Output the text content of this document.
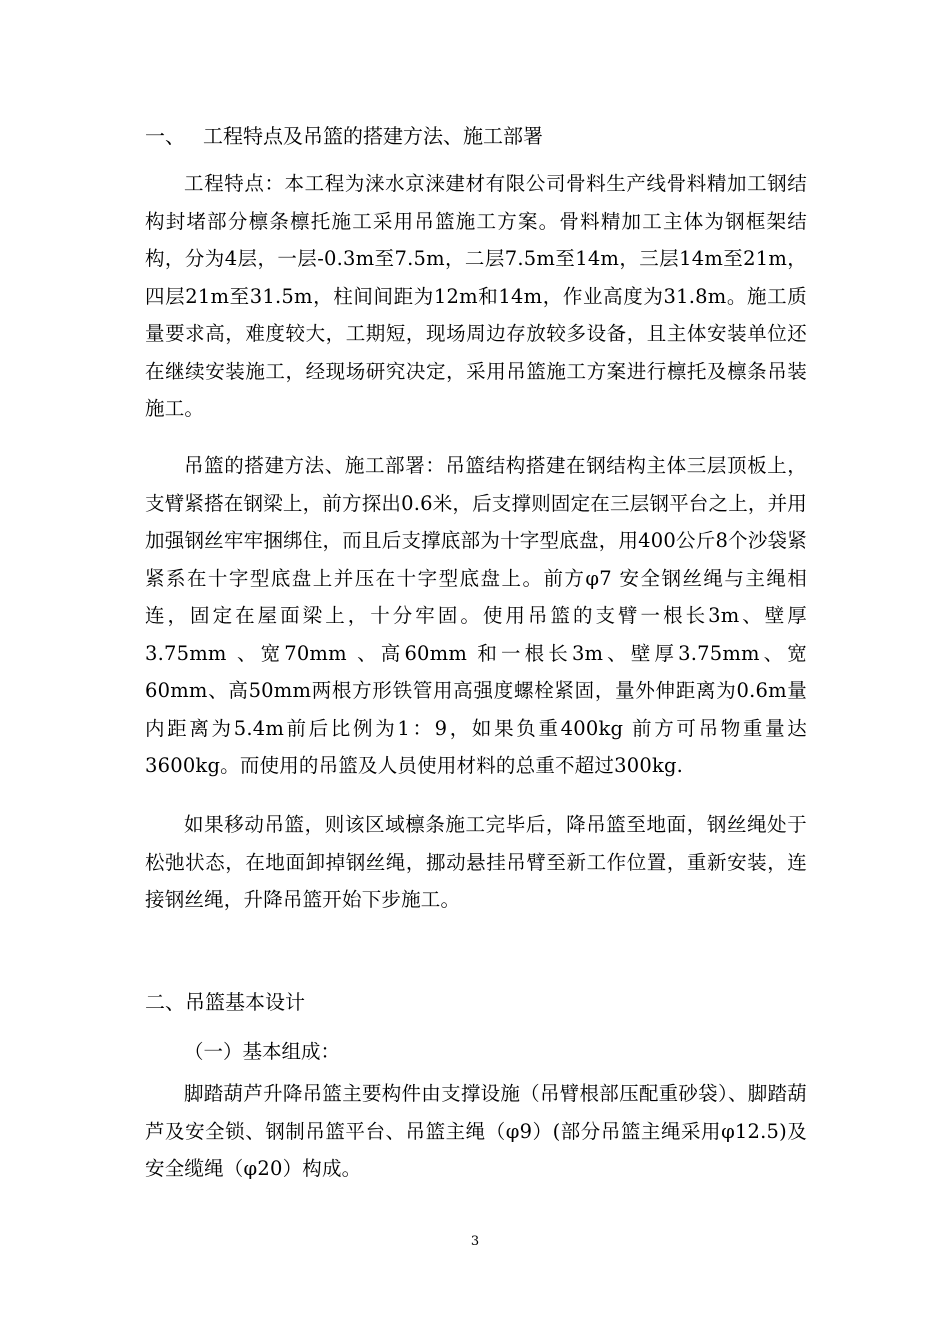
一、 工程特点及吊篮的搭建方法、施工部署

工程特点：本工程为涞水京涞建材有限公司骨料生产线骨料精加工钢结构封堵部分檩条檩托施工采用吊篮施工方案。骨料精加工主体为钢框架结构，分为4层，一层-0.3m至7.5m，二层7.5m至14m，三层14m至21m，四层21m至31.5m，柱间间距为12m和14m，作业高度为31.8m。施工质量要求高，难度较大，工期短，现场周边存放较多设备，且主体安装单位还在继续安装施工，经现场研究决定，采用吊篮施工方案进行檩托及檩条吊装施工。

吊篮的搭建方法、施工部署：吊篮结构搭建在钢结构主体三层顶板上，支臂紧搭在钢梁上，前方探出0.6米，后支撑则固定在三层钢平台之上，并用加强钢丝牢牢捆绑住，而且后支撑底部为十字型底盘，用400公斤8个沙袋紧紧系在十字型底盘上并压在十字型底盘上。前方φ7 安全钢丝绳与主绳相连，固定在屋面梁上，十分牢固。使用吊篮的支臂一根长3m、壁厚3.75mm 、宽70mm 、高60mm 和一根长3m、壁厚3.75mm、宽60mm、高50mm两根方形铁管用高强度螺栓紧固，量外伸距离为0.6m量内距离为5.4m前后比例为1：9，如果负重400kg 前方可吊物重量达3600kg。而使用的吊篮及人员使用材料的总重不超过300kg.

如果移动吊篮，则该区域檩条施工完毕后，降吊篮至地面，钢丝绳处于松弛状态，在地面卸掉钢丝绳，挪动悬挂吊臂至新工作位置，重新安装，连接钢丝绳，升降吊篮开始下步施工。

二、吊篮基本设计
（一）基本组成：

脚踏葫芦升降吊篮主要构件由支撑设施（吊臂根部压配重砂袋）、脚踏葫芦及安全锁、钢制吊篮平台、吊篮主绳（φ9）(部分吊篮主绳采用φ12.5)及安全缆绳（φ20）构成。

3
